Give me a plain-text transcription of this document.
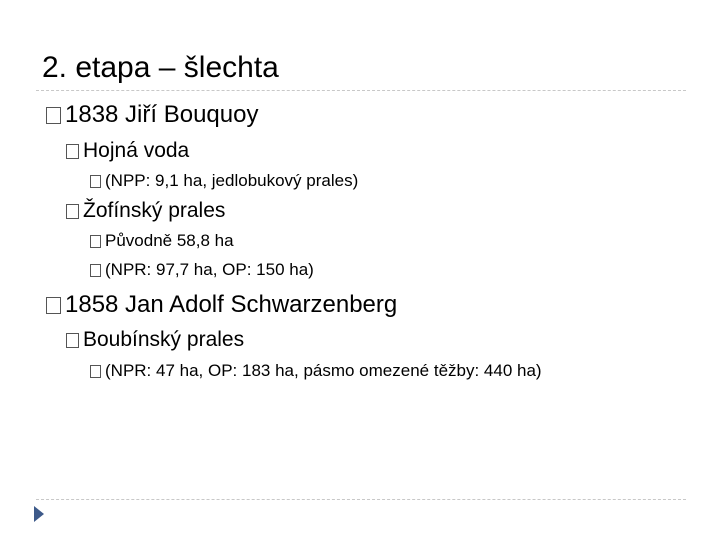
2. etapa – šlechta
1838 Jiří Bouquoy
Hojná voda
(NPP: 9,1 ha, jedlobukový prales)
Žofínský prales
Původně 58,8 ha
(NPR: 97,7 ha, OP: 150 ha)
1858 Jan Adolf Schwarzenberg
Boubínský prales
(NPR: 47 ha, OP: 183 ha, pásmo omezené těžby: 440 ha)
